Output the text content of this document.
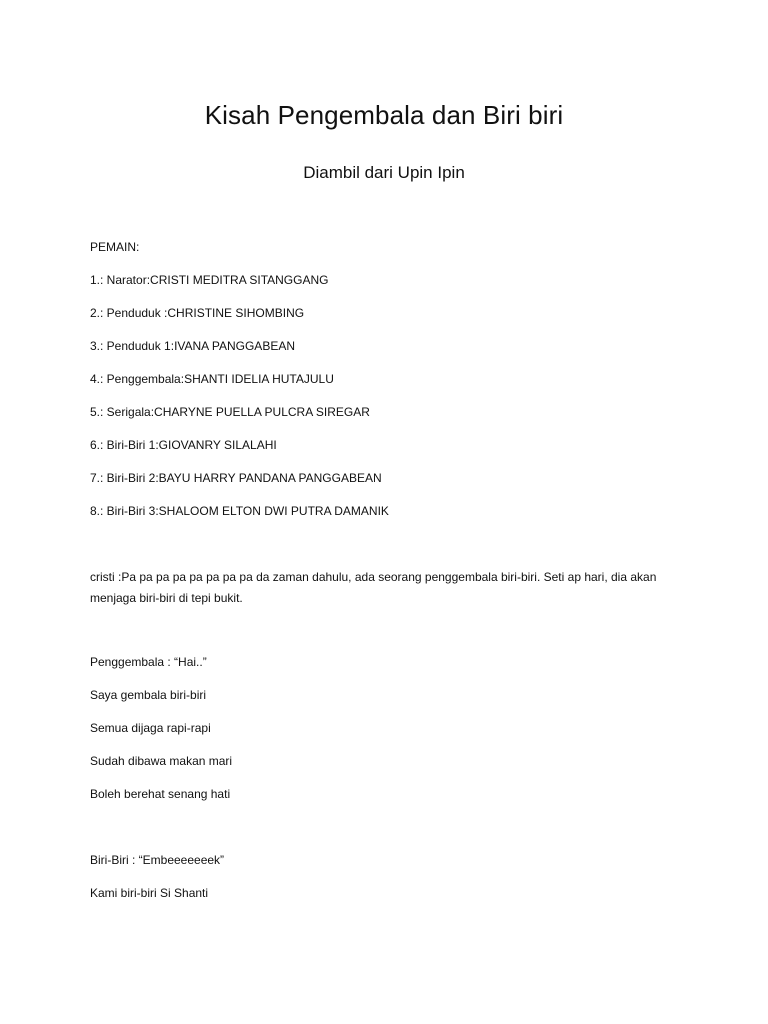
Kisah Pengembala dan Biri biri
Diambil dari Upin Ipin

PEMAIN:

1.: Narator:CRISTI MEDITRA SITANGGANG

2.: Penduduk :CHRISTINE SIHOMBING

3.: Penduduk 1:IVANA PANGGABEAN

4.: Penggembala:SHANTI IDELIA HUTAJULU

5.: Serigala:CHARYNE PUELLA PULCRA SIREGAR

6.: Biri-Biri 1:GIOVANRY SILALAHI

7.: Biri-Biri 2:BAYU HARRY PANDANA PANGGABEAN

8.: Biri-Biri 3:SHALOOM ELTON DWI PUTRA DAMANIK

cristi :Pa pa pa pa pa pa pa pa da zaman dahulu, ada seorang penggembala biri-biri. Seti ap hari, dia akan menjaga biri-biri di tepi bukit.

Penggembala : “Hai..”

Saya gembala biri-biri

Semua dijaga rapi-rapi

Sudah dibawa makan mari

Boleh berehat senang hati

Biri-Biri : “Embeeeeeeek”

Kami biri-biri Si Shanti
